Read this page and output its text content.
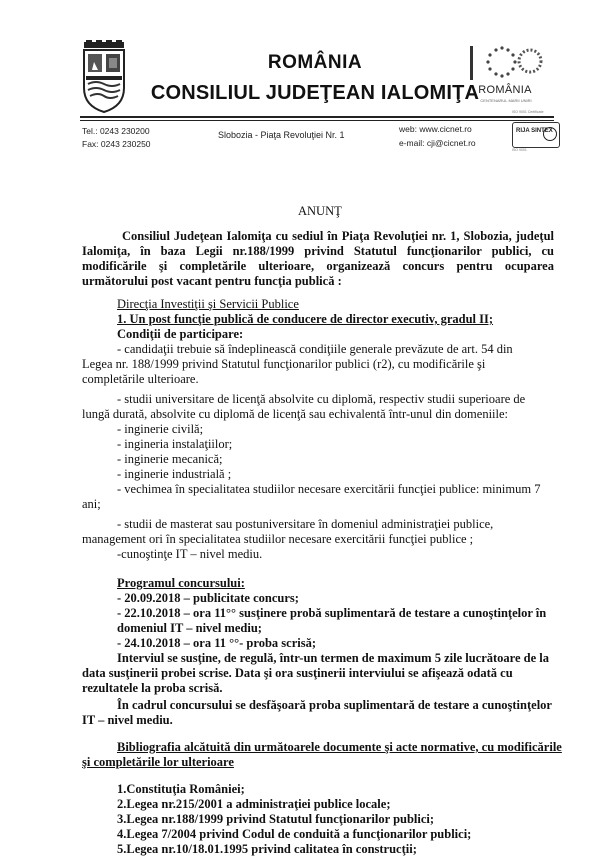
ROMÂNIA
CONSILIUL JUDEŢEAN IALOMIŢA ROMÂNIA
CENTENARUL MARII UNIRI
Tel.: 0243 230200
Fax: 0243 230250
Slobozia - Piaţa Revoluţiei Nr. 1
web: www.cicnet.ro
e-mail: cji@cicnet.ro
ISO 9001 Certificate
RIJA SINTEX
ISO 9001
ANUNŢ
Consiliul Judeţean Ialomiţa cu sediul în Piaţa Revoluţiei nr. 1, Slobozia, judeţul Ialomiţa, în baza Legii nr.188/1999 privind Statutul funcţionarilor publici, cu modificările şi completările ulterioare, organizează concurs pentru ocuparea următorului post vacant pentru funcţia publică :
Direcţia Investiţii şi Servicii Publice
1. Un post funcţie publică de conducere de director executiv, gradul II;
Condiţii de participare:
- candidaţii trebuie să îndeplinească condiţiile generale prevăzute de art. 54 din
Legea nr. 188/1999 privind Statutul funcţionarilor publici (r2), cu modificările şi
completările ulterioare.
- studii universitare de licenţă absolvite cu diplomă, respectiv studii superioare de
lungă durată, absolvite cu diplomă de licenţă sau echivalentă într-unul din domeniile:
- inginerie civilă;
- ingineria instalaţiilor;
- inginerie mecanică;
- inginerie industrială ;
- vechimea în specialitatea studiilor necesare exercitării funcţiei publice: minimum 7
ani;
- studii de masterat sau postuniversitare în domeniul administraţiei publice,
management ori în specialitatea studiilor necesare exercitării funcţiei publice ;
-cunoştinţe IT – nivel mediu.
Programul concursului:
- 20.09.2018 – publicitate concurs;
- 22.10.2018 – ora 11°° susţinere probă suplimentară de testare a cunoştinţelor în
domeniul IT – nivel mediu;
- 24.10.2018 – ora 11 °°- proba scrisă;
Interviul se susţine, de regulă, într-un termen de maximum 5 zile lucrătoare de la
data susţinerii probei scrise. Data şi ora susţinerii interviului se afişează odată cu
rezultatele la proba scrisă.
În cadrul concursului se desfăşoară proba suplimentară de testare a cunoştinţelor
IT – nivel mediu.
Bibliografia alcătuită din următoarele documente şi acte normative, cu modificările
şi completările lor ulterioare
1.Constituţia României;
2.Legea nr.215/2001 a administraţiei publice locale;
3.Legea nr.188/1999 privind Statutul funcţionarilor publici;
4.Legea 7/2004 privind Codul de conduită a funcţionarilor publici;
5.Legea nr.10/18.01.1995 privind calitatea în construcţii;
